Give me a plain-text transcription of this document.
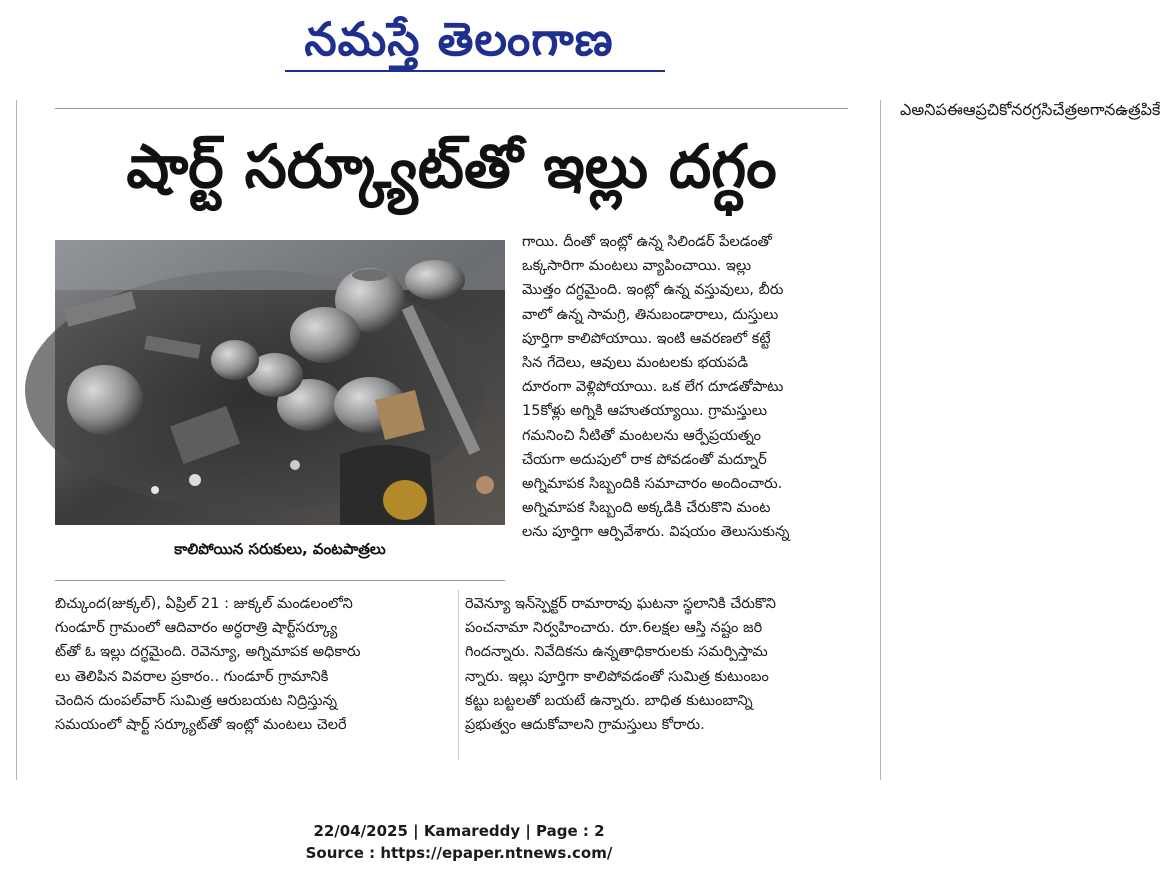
నమస్తే తెలంగాణ
ఎఅనిపఈఆప్రచికోనరగ్రసిచేత్రఅగానఉత్రపికే
షార్ట్ సర్క్యూట్‌తో ఇల్లు దగ్ధం
కాలిపోయిన సరుకులు, వంటపాత్రలు
గాయి. దీంతో ఇంట్లో ఉన్న సిలిండర్ పేలడంతో
ఒక్కసారిగా మంటలు వ్యాపించాయి. ఇల్లు
మొత్తం దగ్ధమైంది. ఇంట్లో ఉన్న వస్తువులు, బీరు
వాలో ఉన్న సామగ్రి, తినుబండారాలు, దుస్తులు
పూర్తిగా కాలిపోయాయి. ఇంటి ఆవరణలో కట్టే
సిన గేదెలు, ఆవులు మంటలకు భయపడి
దూరంగా వెళ్లిపోయాయి. ఒక లేగ దూడతోపాటు
15కోళ్లు అగ్నికి ఆహుతయ్యాయి. గ్రామస్తులు
గమనించి నీటితో మంటలను ఆర్పేప్రయత్నం
చేయగా అదుపులో రాక పోవడంతో మద్నూర్
అగ్నిమాపక సిబ్బందికి సమాచారం అందించారు.
అగ్నిమాపక సిబ్బంది అక్కడికి చేరుకొని మంట
లను పూర్తిగా ఆర్పివేశారు. విషయం తెలుసుకున్న
బిచ్కుంద(జుక్కల్), ఏప్రిల్ 21 : జుక్కల్ మండలంలోని
గుండూర్ గ్రామంలో ఆదివారం అర్ధరాత్రి షార్ట్‌సర్క్యూ
ట్‌తో ఓ ఇల్లు దగ్ధమైంది. రెవెన్యూ, అగ్నిమాపక అధికారు
లు తెలిపిన వివరాల ప్రకారం.. గుండూర్ గ్రామానికి
చెందిన దుంపల్‌వార్ సుమిత్ర ఆరుబయట నిద్రిస్తున్న
సమయంలో షార్ట్ సర్క్యూట్‌తో ఇంట్లో మంటలు చెలరే
రెవెన్యూ ఇన్‌స్పెక్టర్ రామారావు ఘటనా స్థలానికి చేరుకొని
పంచనామా నిర్వహించారు. రూ.6లక్షల ఆస్తి నష్టం జరి
గిందన్నారు. నివేదికను ఉన్నతాధికారులకు సమర్పిస్తామ
న్నారు. ఇల్లు పూర్తిగా కాలిపోవడంతో సుమిత్ర కుటుంబం
కట్టు బట్టలతో బయటే ఉన్నారు. బాధిత కుటుంబాన్ని
ప్రభుత్వం ఆదుకోవాలని గ్రామస్తులు కోరారు.
22/04/2025 | Kamareddy | Page : 2
Source : https://epaper.ntnews.com/
